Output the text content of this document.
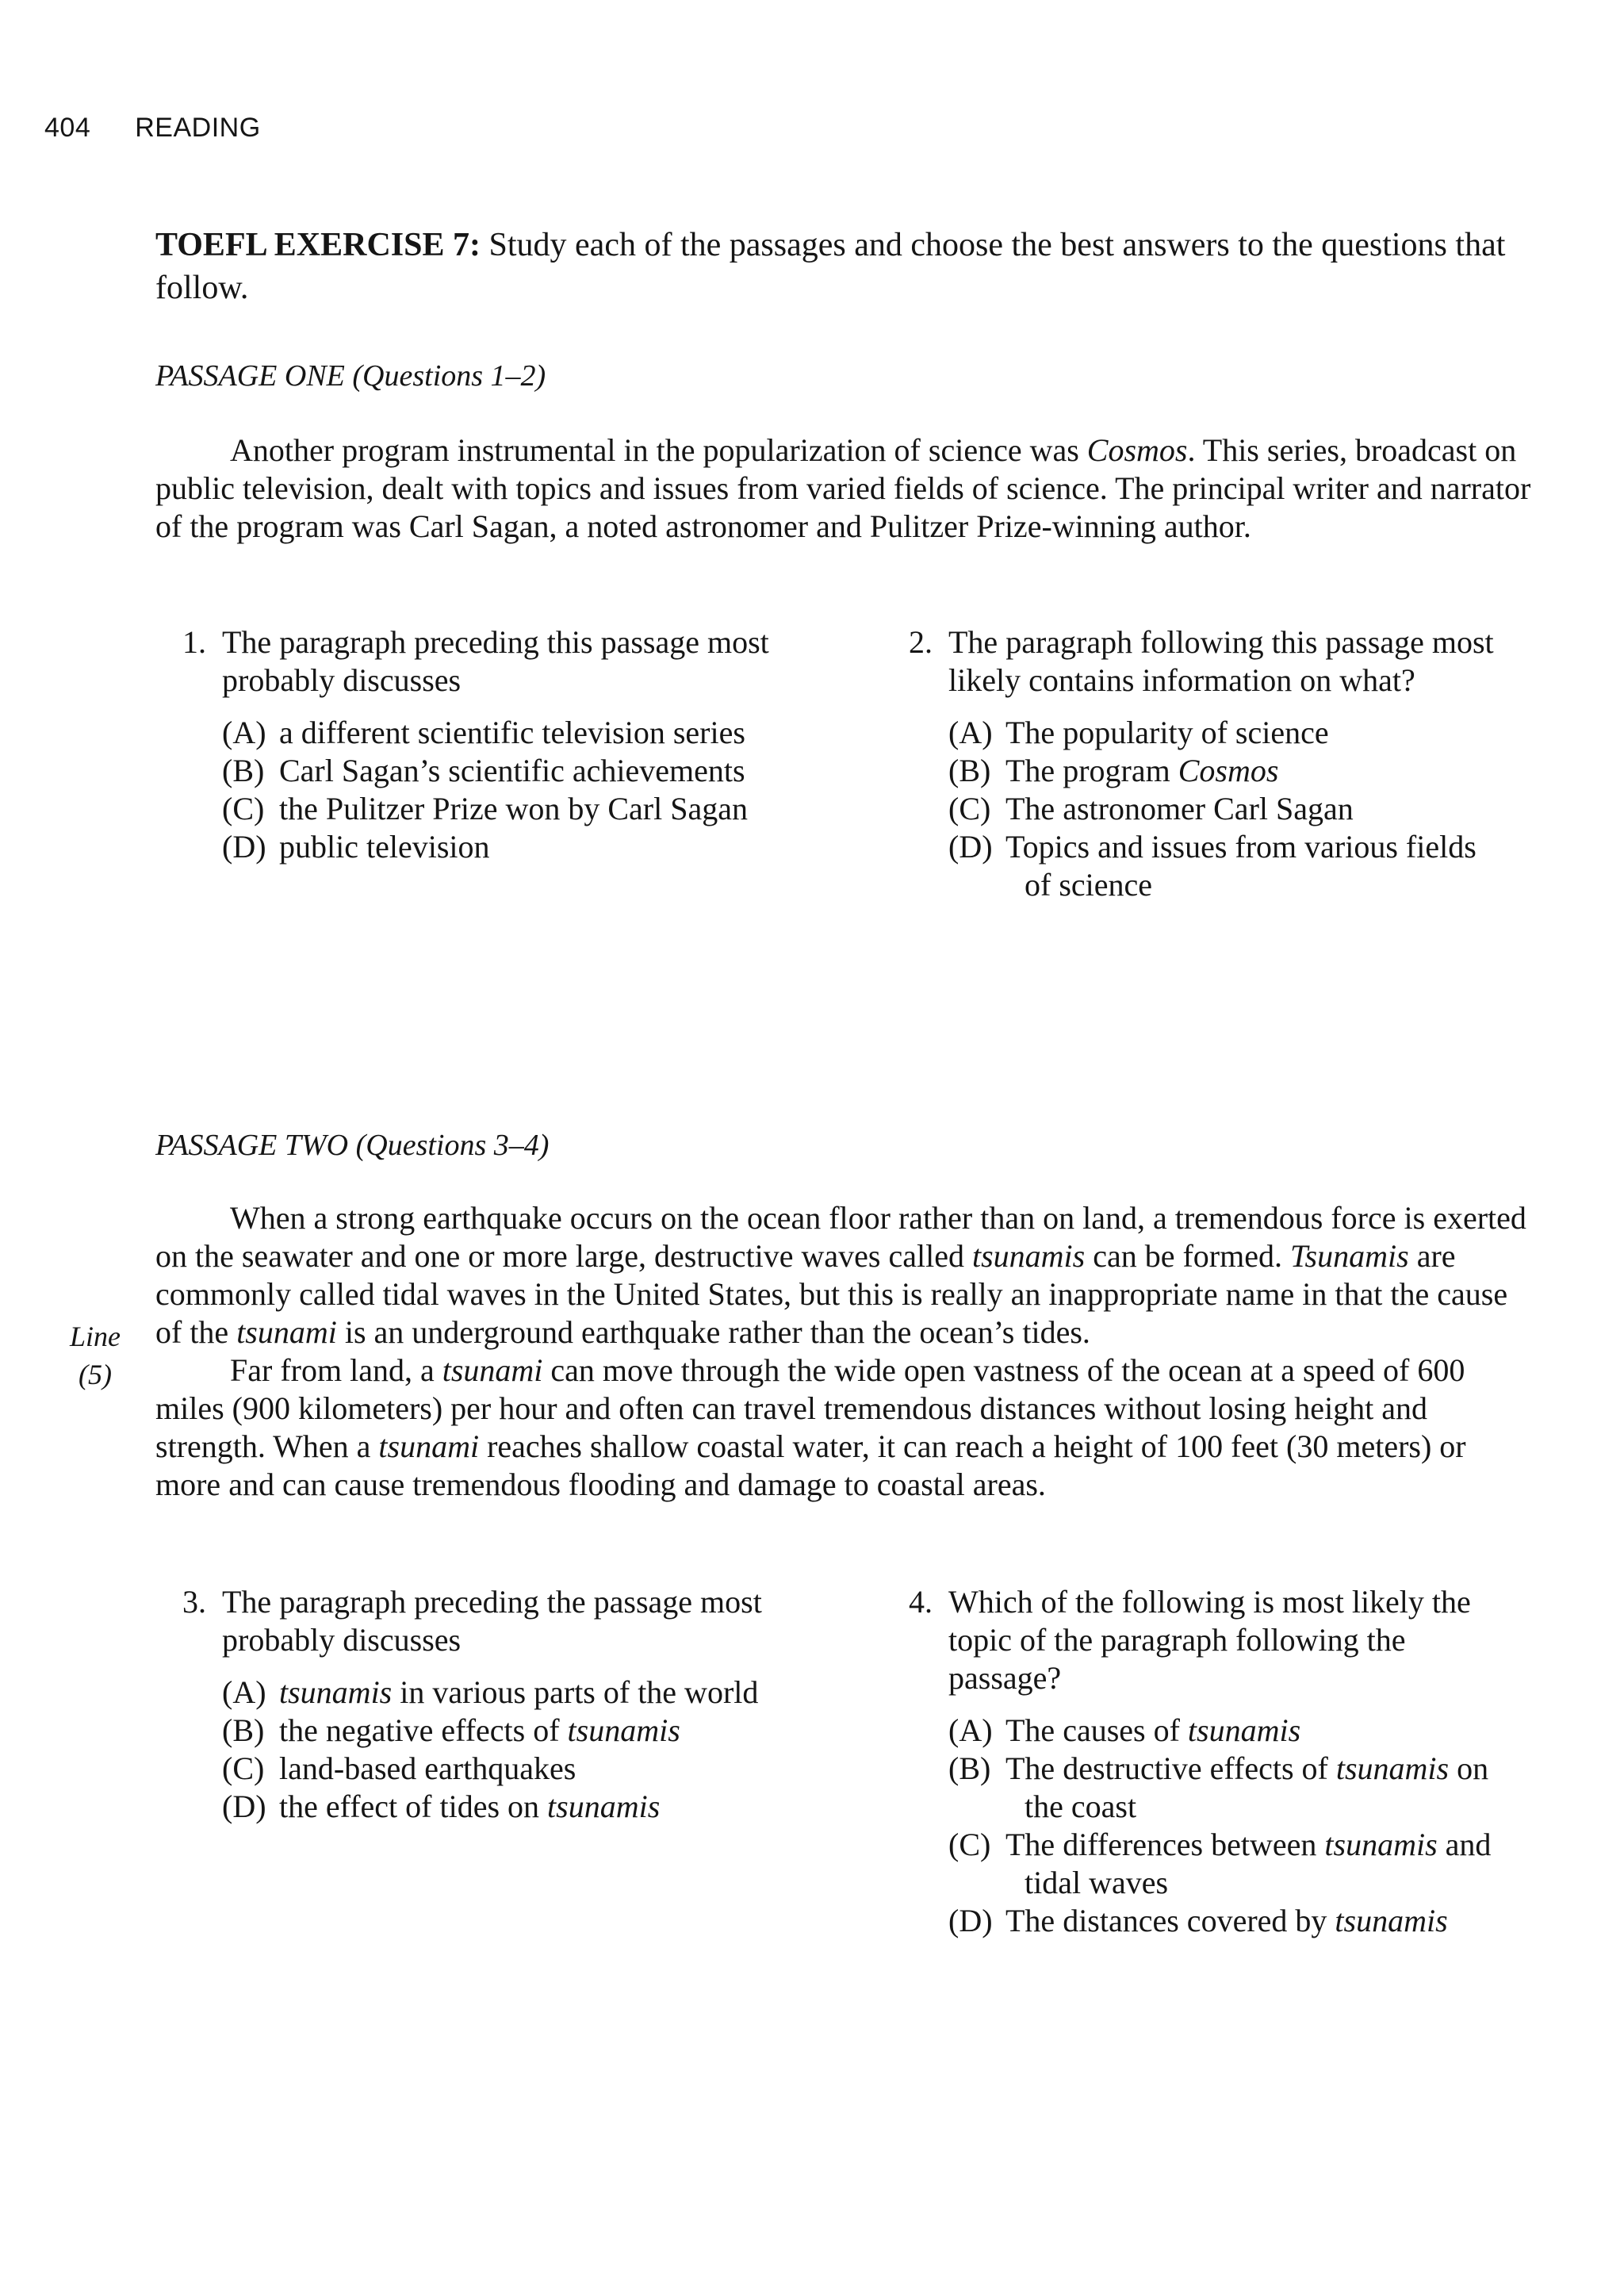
404 READING
TOEFL EXERCISE 7: Study each of the passages and choose the best answers to the questions that follow.
PASSAGE ONE (Questions 1–2)

Another program instrumental in the popularization of science was Cosmos. This series, broadcast on public television, dealt with topics and issues from varied fields of science. The principal writer and narrator of the program was Carl Sagan, a noted astronomer and Pulitzer Prize-winning author.

1. The paragraph preceding this passage most probably discusses
(A) a different scientific television series
(B) Carl Sagan’s scientific achievements
(C) the Pulitzer Prize won by Carl Sagan
(D) public television
2. The paragraph following this passage most likely contains information on what?
(A) The popularity of science
(B) The program Cosmos
(C) The astronomer Carl Sagan
(D) Topics and issues from various fields of science
PASSAGE TWO (Questions 3–4)
Line
(5)

When a strong earthquake occurs on the ocean floor rather than on land, a tremendous force is exerted on the seawater and one or more large, destructive waves called tsunamis can be formed. Tsunamis are commonly called tidal waves in the United States, but this is really an inappropriate name in that the cause of the tsunami is an underground earthquake rather than the ocean’s tides.

Far from land, a tsunami can move through the wide open vastness of the ocean at a speed of 600 miles (900 kilometers) per hour and often can travel tremendous distances without losing height and strength. When a tsunami reaches shallow coastal water, it can reach a height of 100 feet (30 meters) or more and can cause tremendous flooding and damage to coastal areas.

3. The paragraph preceding the passage most probably discusses
(A) tsunamis in various parts of the world
(B) the negative effects of tsunamis
(C) land-based earthquakes
(D) the effect of tides on tsunamis
4. Which of the following is most likely the topic of the paragraph following the passage?
(A) The causes of tsunamis
(B) The destructive effects of tsunamis on the coast
(C) The differences between tsunamis and tidal waves
(D) The distances covered by tsunamis
